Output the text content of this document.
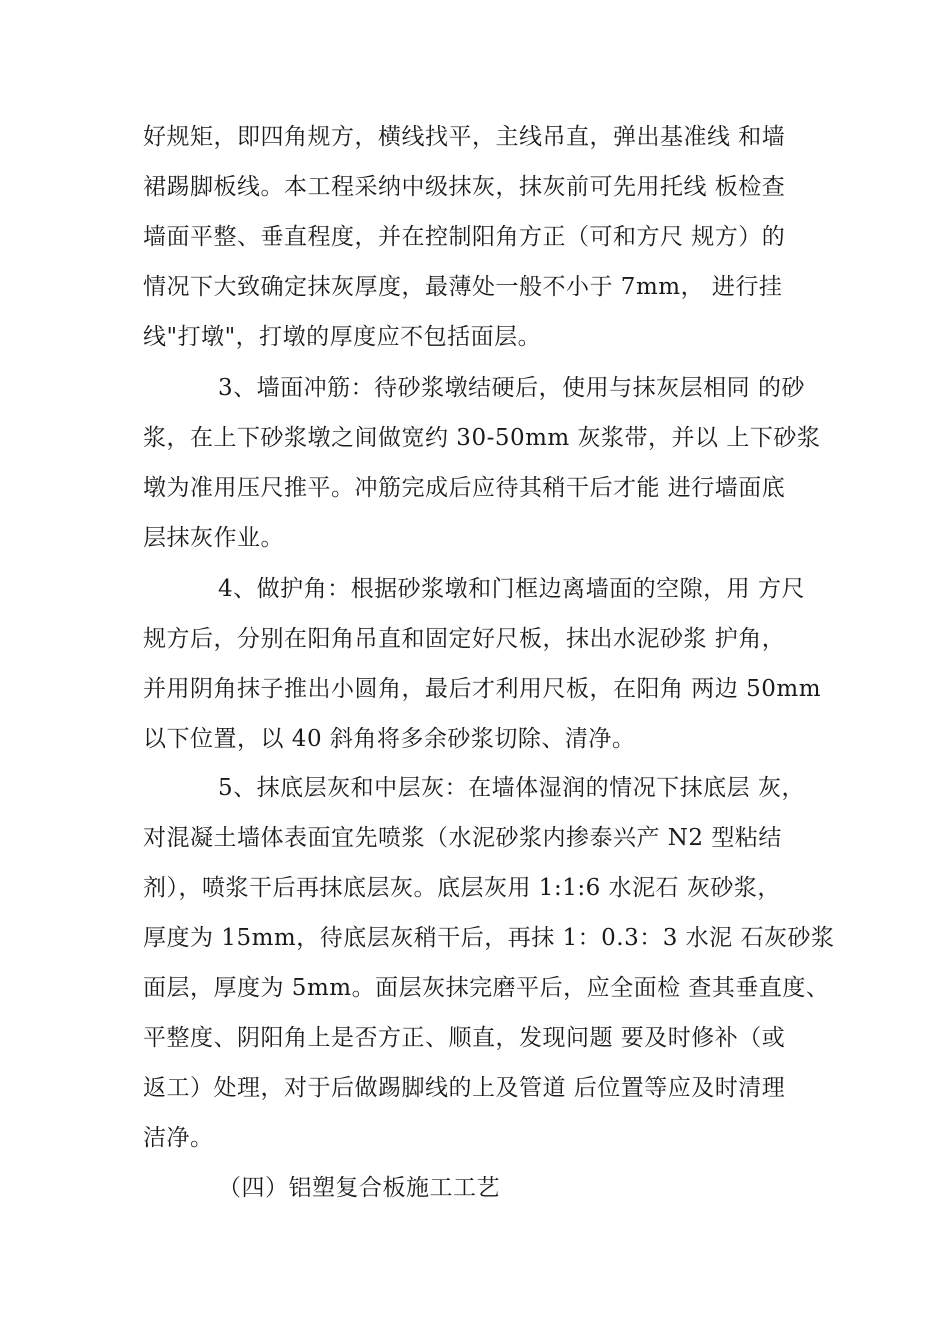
好规矩，即四角规方，横线找平，主线吊直，弹出基准线 和墙
裙踢脚板线。本工程采纳中级抹灰，抹灰前可先用托线 板检查
墙面平整、垂直程度，并在控制阳角方正（可和方尺 规方）的
情况下大致确定抹灰厚度，最薄处一般不小于 7mm， 进行挂
线"打墩"，打墩的厚度应不包括面层。
3、墙面冲筋：待砂浆墩结硬后，使用与抹灰层相同 的砂
浆，在上下砂浆墩之间做宽约 30-50mm 灰浆带，并以 上下砂浆
墩为准用压尺推平。冲筋完成后应待其稍干后才能 进行墙面底
层抹灰作业。
4、做护角：根据砂浆墩和门框边离墙面的空隙，用 方尺
规方后，分别在阳角吊直和固定好尺板，抹出水泥砂浆 护角，
并用阴角抹子推出小圆角，最后才利用尺板，在阳角 两边 50mm
以下位置，以 40 斜角将多余砂浆切除、清净。
5、抹底层灰和中层灰：在墙体湿润的情况下抹底层 灰，
对混凝土墙体表面宜先喷浆（水泥砂浆内掺泰兴产 N2 型粘结
剂），喷浆干后再抹底层灰。底层灰用 1:1:6 水泥石 灰砂浆，
厚度为 15mm，待底层灰稍干后，再抹 1：0.3：3 水泥 石灰砂浆
面层，厚度为 5mm。面层灰抹完磨平后，应全面检 查其垂直度、
平整度、阴阳角上是否方正、顺直，发现问题 要及时修补（或
返工）处理，对于后做踢脚线的上及管道 后位置等应及时清理
洁净。
（四）铝塑复合板施工工艺
